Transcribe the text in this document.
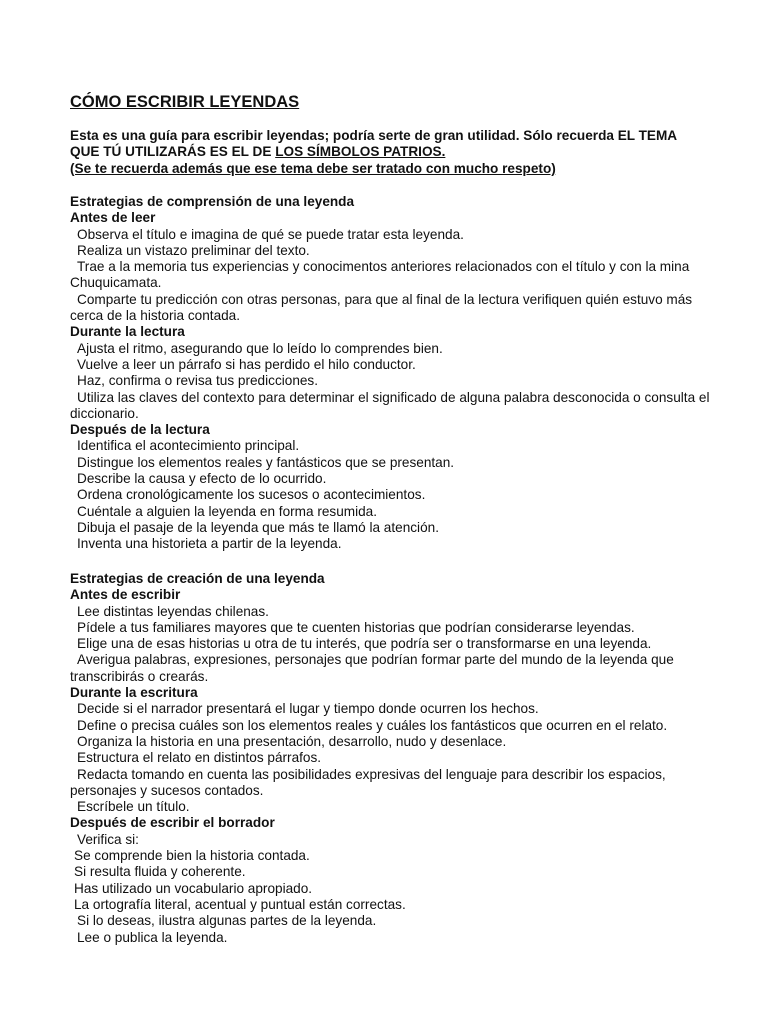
CÓMO ESCRIBIR LEYENDAS
Esta es una guía para escribir leyendas; podría serte de gran utilidad. Sólo recuerda EL TEMA
QUE TÚ UTILIZARÁS ES EL DE LOS SÍMBOLOS PATRIOS.
(Se te recuerda además que ese tema debe ser tratado con mucho respeto)
Estrategias de comprensión de una leyenda
Antes de leer
Observa el título e imagina de qué se puede tratar esta leyenda.
Realiza un vistazo preliminar del texto.
Trae a la memoria tus experiencias y conocimentos anteriores relacionados con el título y con la mina
Chuquicamata.
Comparte tu predicción con otras personas, para que al final de la lectura verifiquen quién estuvo más
cerca de la historia contada.
Durante la lectura
Ajusta el ritmo, asegurando que lo leído lo comprendes bien.
Vuelve a leer un párrafo si has perdido el hilo conductor.
Haz, confirma o revisa tus predicciones.
Utiliza las claves del contexto para determinar el significado de alguna palabra desconocida o consulta el
diccionario.
Después de la lectura
Identifica el acontecimiento principal.
Distingue los elementos reales y fantásticos que se presentan.
Describe la causa y efecto de lo ocurrido.
Ordena cronológicamente los sucesos o acontecimientos.
Cuéntale a alguien la leyenda en forma resumida.
Dibuja el pasaje de la leyenda que más te llamó la atención.
Inventa una historieta a partir de la leyenda.
Estrategias de creación de una leyenda
Antes de escribir
Lee distintas leyendas chilenas.
Pídele a tus familiares mayores que te cuenten historias que podrían considerarse leyendas.
Elige una de esas historias u otra de tu interés, que podría ser o transformarse en una leyenda.
Averigua palabras, expresiones, personajes que podrían formar parte del mundo de la leyenda que
transcribirás o crearás.
Durante la escritura
Decide si el narrador presentará el lugar y tiempo donde ocurren los hechos.
Define o precisa cuáles son los elementos reales y cuáles los fantásticos que ocurren en el relato.
Organiza la historia en una presentación, desarrollo, nudo y desenlace.
Estructura el relato en distintos párrafos.
Redacta tomando en cuenta las posibilidades expresivas del lenguaje para describir los espacios,
personajes y sucesos contados.
Escríbele un título.
Después de escribir el borrador
Verifica si:
Se comprende bien la historia contada.
Si resulta fluida y coherente.
Has utilizado un vocabulario apropiado.
La ortografía literal, acentual y puntual están correctas.
Si lo deseas, ilustra algunas partes de la leyenda.
Lee o publica la leyenda.
